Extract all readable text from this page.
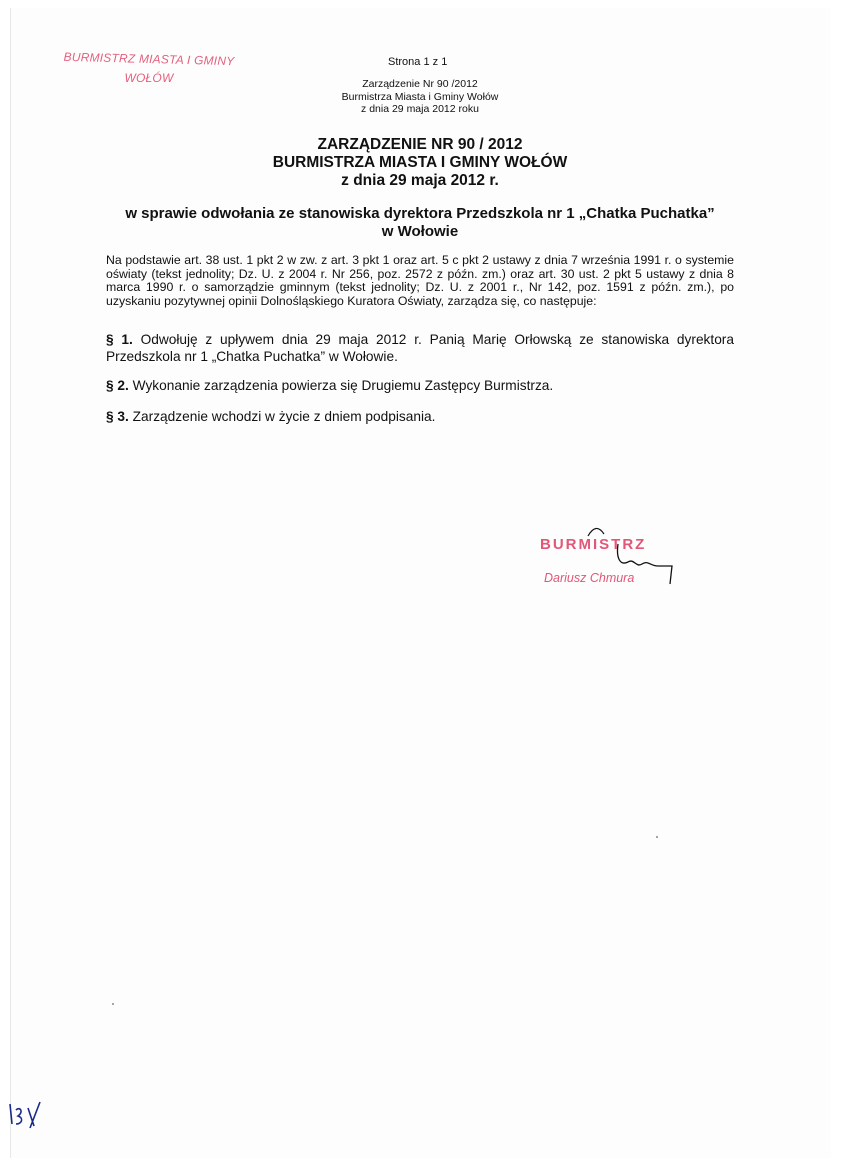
BURMISTRZ MIASTA I GMINY
WOŁÓW
Strona 1 z 1
Zarządzenie Nr 90 /2012
Burmistrza Miasta i Gminy Wołów
z dnia 29 maja 2012 roku
ZARZĄDZENIE NR 90 / 2012
BURMISTRZA MIASTA I GMINY WOŁÓW
z dnia 29 maja 2012 r.
w sprawie odwołania ze stanowiska dyrektora Przedszkola nr 1 „Chatka Puchatka”
w Wołowie
Na podstawie art. 38 ust. 1 pkt 2 w zw. z art. 3 pkt 1 oraz art. 5 c pkt 2 ustawy z dnia 7 września 1991 r. o systemie oświaty (tekst jednolity; Dz. U. z 2004 r. Nr 256, poz. 2572 z późn. zm.) oraz art. 30 ust. 2 pkt 5 ustawy z dnia 8 marca 1990 r. o samorządzie gminnym (tekst jednolity; Dz. U. z 2001 r., Nr 142, poz. 1591 z późn. zm.), po uzyskaniu pozytywnej opinii Dolnośląskiego Kuratora Oświaty, zarządza się, co następuje:
§ 1. Odwołuję z upływem dnia 29 maja 2012 r. Panią Marię Orłowską ze stanowiska dyrektora Przedszkola nr 1 „Chatka Puchatka” w Wołowie.
§ 2. Wykonanie zarządzenia powierza się Drugiemu Zastępcy Burmistrza.
§ 3. Zarządzenie wchodzi w życie z dniem podpisania.
BURMISTRZ
Dariusz Chmura
